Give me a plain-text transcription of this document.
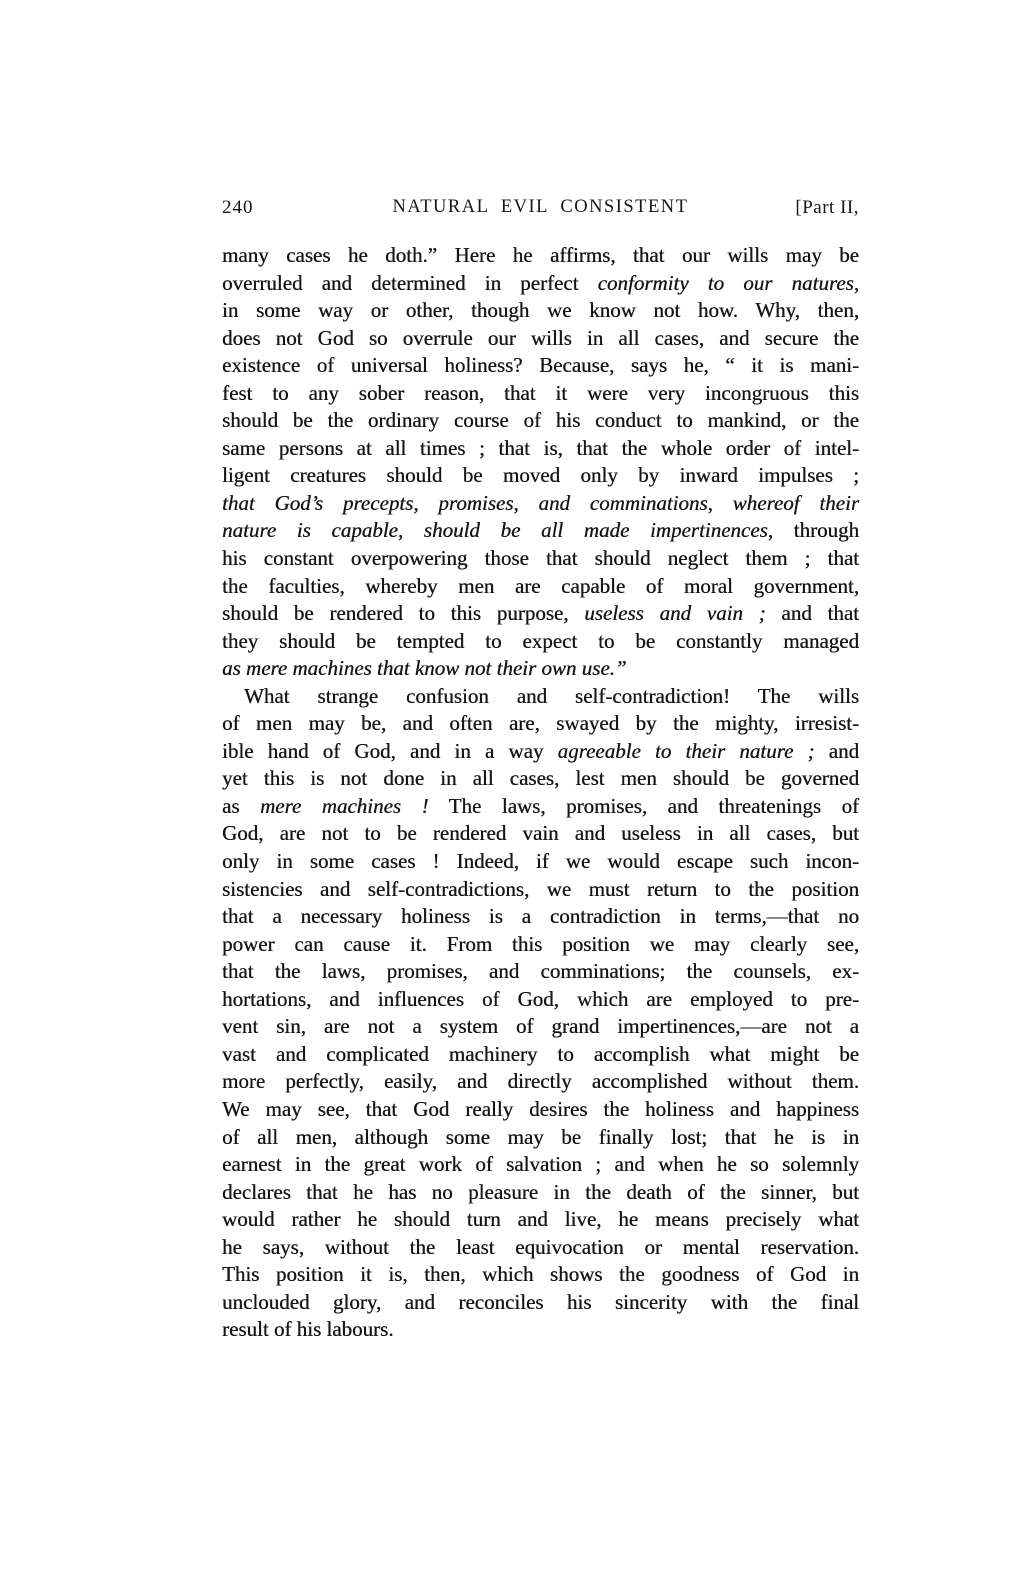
240	NATURAL EVIL CONSISTENT	[Part II,
many cases he doth.” Here he affirms, that our wills may be
overruled and determined in perfect conformity to our natures,
in some way or other, though we know not how. Why, then,
does not God so overrule our wills in all cases, and secure the
existence of universal holiness? Because, says he, “ it is mani-
fest to any sober reason, that it were very incongruous this
should be the ordinary course of his conduct to mankind, or the
same persons at all times ; that is, that the whole order of intel-
ligent creatures should be moved only by inward impulses ;
that God’s precepts, promises, and comminations, whereof their
nature is capable, should be all made impertinences, through
his constant overpowering those that should neglect them ; that
the faculties, whereby men are capable of moral government,
should be rendered to this purpose, useless and vain ; and that
they should be tempted to expect to be constantly managed
as mere machines that know not their own use.”
What strange confusion and self-contradiction! The wills
of men may be, and often are, swayed by the mighty, irresist-
ible hand of God, and in a way agreeable to their nature ; and
yet this is not done in all cases, lest men should be governed
as mere machines ! The laws, promises, and threatenings of
God, are not to be rendered vain and useless in all cases, but
only in some cases ! Indeed, if we would escape such incon-
sistencies and self-contradictions, we must return to the position
that a necessary holiness is a contradiction in terms,—that no
power can cause it. From this position we may clearly see,
that the laws, promises, and comminations; the counsels, ex-
hortations, and influences of God, which are employed to pre-
vent sin, are not a system of grand impertinences,—are not a
vast and complicated machinery to accomplish what might be
more perfectly, easily, and directly accomplished without them.
We may see, that God really desires the holiness and happiness
of all men, although some may be finally lost; that he is in
earnest in the great work of salvation ; and when he so solemnly
declares that he has no pleasure in the death of the sinner, but
would rather he should turn and live, he means precisely what
he says, without the least equivocation or mental reservation.
This position it is, then, which shows the goodness of God in
unclouded glory, and reconciles his sincerity with the final
result of his labours.
